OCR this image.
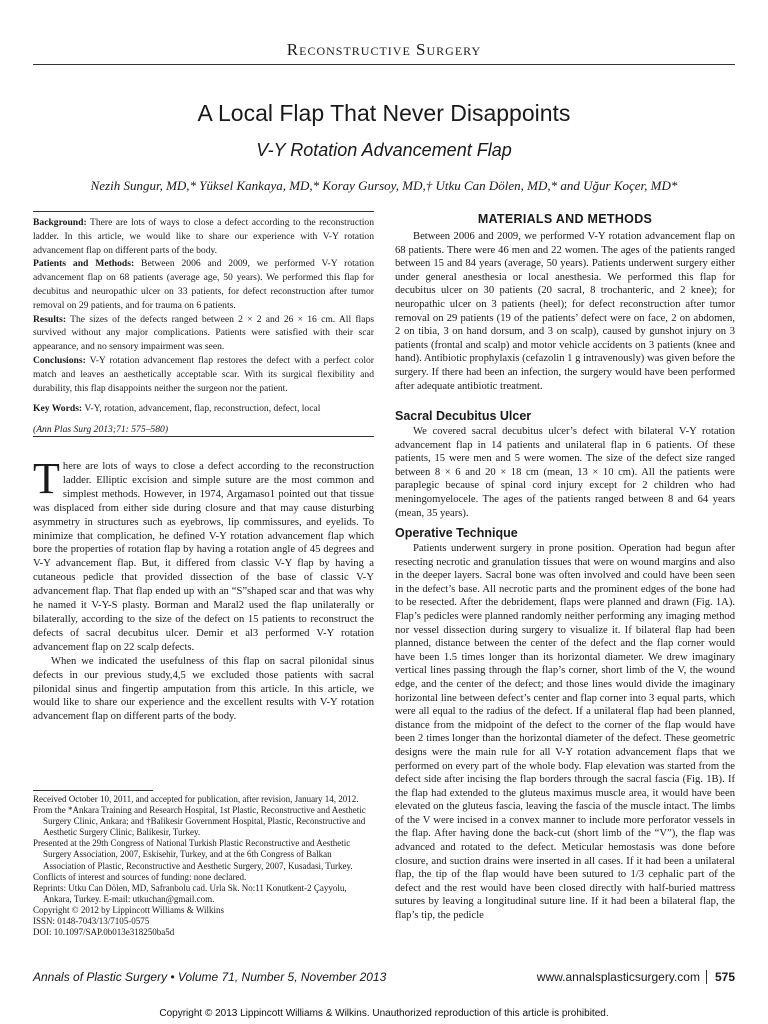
Reconstructive Surgery
A Local Flap That Never Disappoints
V-Y Rotation Advancement Flap
Nezih Sungur, MD,* Yüksel Kankaya, MD,* Koray Gursoy, MD,† Utku Can Dölen, MD,* and Uğur Koçer, MD*

Background: There are lots of ways to close a defect according to the reconstruction ladder. In this article, we would like to share our experience with V-Y rotation advancement flap on different parts of the body.

Patients and Methods: Between 2006 and 2009, we performed V-Y rotation advancement flap on 68 patients (average age, 50 years). We performed this flap for decubitus and neuropathic ulcer on 33 patients, for defect reconstruction after tumor removal on 29 patients, and for trauma on 6 patients.

Results: The sizes of the defects ranged between 2 × 2 and 26 × 16 cm. All flaps survived without any major complications. Patients were satisfied with their scar appearance, and no sensory impairment was seen.

Conclusions: V-Y rotation advancement flap restores the defect with a perfect color match and leaves an aesthetically acceptable scar. With its surgical flexibility and durability, this flap disappoints neither the surgeon nor the patient.

Key Words: V-Y, rotation, advancement, flap, reconstruction, defect, local

(Ann Plas Surg 2013;71: 575–580)

There are lots of ways to close a defect according to the reconstruction ladder. Elliptic excision and simple suture are the most common and simplest methods. However, in 1974, Argamaso1 pointed out that tissue was displaced from either side during closure and that may cause disturbing asymmetry in structures such as eyebrows, lip commissures, and eyelids. To minimize that complication, he defined V-Y rotation advancement flap which bore the properties of rotation flap by having a rotation angle of 45 degrees and V-Y advancement flap. But, it differed from classic V-Y flap by having a cutaneous pedicle that provided dissection of the base of classic V-Y advancement flap. That flap ended up with an “S”shaped scar and that was why he named it V-Y-S plasty. Borman and Maral2 used the flap unilaterally or bilaterally, according to the size of the defect on 15 patients to reconstruct the defects of sacral decubitus ulcer. Demir et al3 performed V-Y rotation advancement flap on 22 scalp defects.

When we indicated the usefulness of this flap on sacral pilonidal sinus defects in our previous study,4,5 we excluded those patients with sacral pilonidal sinus and fingertip amputation from this article. In this article, we would like to share our experience and the excellent results with V-Y rotation advancement flap on different parts of the body.

Received October 10, 2011, and accepted for publication, after revision, January 14, 2012.

From the *Ankara Training and Research Hospital, 1st Plastic, Reconstructive and Aesthetic Surgery Clinic, Ankara; and †Balikesir Government Hospital, Plastic, Reconstructive and Aesthetic Surgery Clinic, Balikesir, Turkey.

Presented at the 29th Congress of National Turkish Plastic Reconstructive and Aesthetic Surgery Association, 2007, Eskisehir, Turkey, and at the 6th Congress of Balkan Association of Plastic, Reconstructive and Aesthetic Surgery, 2007, Kusadasi, Turkey.

Conflicts of interest and sources of funding: none declared.

Reprints: Utku Can Dölen, MD, Safranbolu cad. Urla Sk. No:11 Konutkent-2 Çayyolu, Ankara, Turkey. E-mail: utkuchan@gmail.com.

Copyright © 2012 by Lippincott Williams & Wilkins

ISSN: 0148-7043/13/7105-0575

DOI: 10.1097/SAP.0b013e318250ba5d

MATERIALS AND METHODS

Between 2006 and 2009, we performed V-Y rotation advancement flap on 68 patients. There were 46 men and 22 women. The ages of the patients ranged between 15 and 84 years (average, 50 years). Patients underwent surgery either under general anesthesia or local anesthesia. We performed this flap for decubitus ulcer on 30 patients (20 sacral, 8 trochanteric, and 2 knee); for neuropathic ulcer on 3 patients (heel); for defect reconstruction after tumor removal on 29 patients (19 of the patients’ defect were on face, 2 on abdomen, 2 on tibia, 3 on hand dorsum, and 3 on scalp), caused by gunshot injury on 3 patients (frontal and scalp) and motor vehicle accidents on 3 patients (knee and hand). Antibiotic prophylaxis (cefazolin 1 g intravenously) was given before the surgery. If there had been an infection, the surgery would have been performed after adequate antibiotic treatment.

Sacral Decubitus Ulcer

We covered sacral decubitus ulcer’s defect with bilateral V-Y rotation advancement flap in 14 patients and unilateral flap in 6 patients. Of these patients, 15 were men and 5 were women. The size of the defect size ranged between 8 × 6 and 20 × 18 cm (mean, 13 × 10 cm). All the patients were paraplegic because of spinal cord injury except for 2 children who had meningomyelocele. The ages of the patients ranged between 8 and 64 years (mean, 35 years).

Operative Technique

Patients underwent surgery in prone position. Operation had begun after resecting necrotic and granulation tissues that were on wound margins and also in the deeper layers. Sacral bone was often involved and could have been seen in the defect’s base. All necrotic parts and the prominent edges of the bone had to be resected. After the debridement, flaps were planned and drawn (Fig. 1A). Flap’s pedicles were planned randomly neither performing any imaging method nor vessel dissection during surgery to visualize it. If bilateral flap had been planned, distance between the center of the defect and the flap corner would have been 1.5 times longer than its horizontal diameter. We drew imaginary vertical lines passing through the flap’s corner, short limb of the V, the wound edge, and the center of the defect; and those lines would divide the imaginary horizontal line between defect’s center and flap corner into 3 equal parts, which were all equal to the radius of the defect. If a unilateral flap had been planned, distance from the midpoint of the defect to the corner of the flap would have been 2 times longer than the horizontal diameter of the defect. These geometric designs were the main rule for all V-Y rotation advancement flaps that we performed on every part of the whole body. Flap elevation was started from the defect side after incising the flap borders through the sacral fascia (Fig. 1B). If the flap had extended to the gluteus maximus muscle area, it would have been elevated on the gluteus fascia, leaving the fascia of the muscle intact. The limbs of the V were incised in a convex manner to include more perforator vessels in the flap. After having done the back-cut (short limb of the “V”), the flap was advanced and rotated to the defect. Meticular hemostasis was done before closure, and suction drains were inserted in all cases. If it had been a unilateral flap, the tip of the flap would have been sutured to 1/3 cephalic part of the defect and the rest would have been closed directly with half-buried mattress sutures by leaving a longitudinal suture line. If it had been a bilateral flap, the flap’s tip, the pedicle

Annals of Plastic Surgery • Volume 71, Number 5, November 2013	www.annalsplasticsurgery.com 575
Copyright © 2013 Lippincott Williams & Wilkins. Unauthorized reproduction of this article is prohibited.
